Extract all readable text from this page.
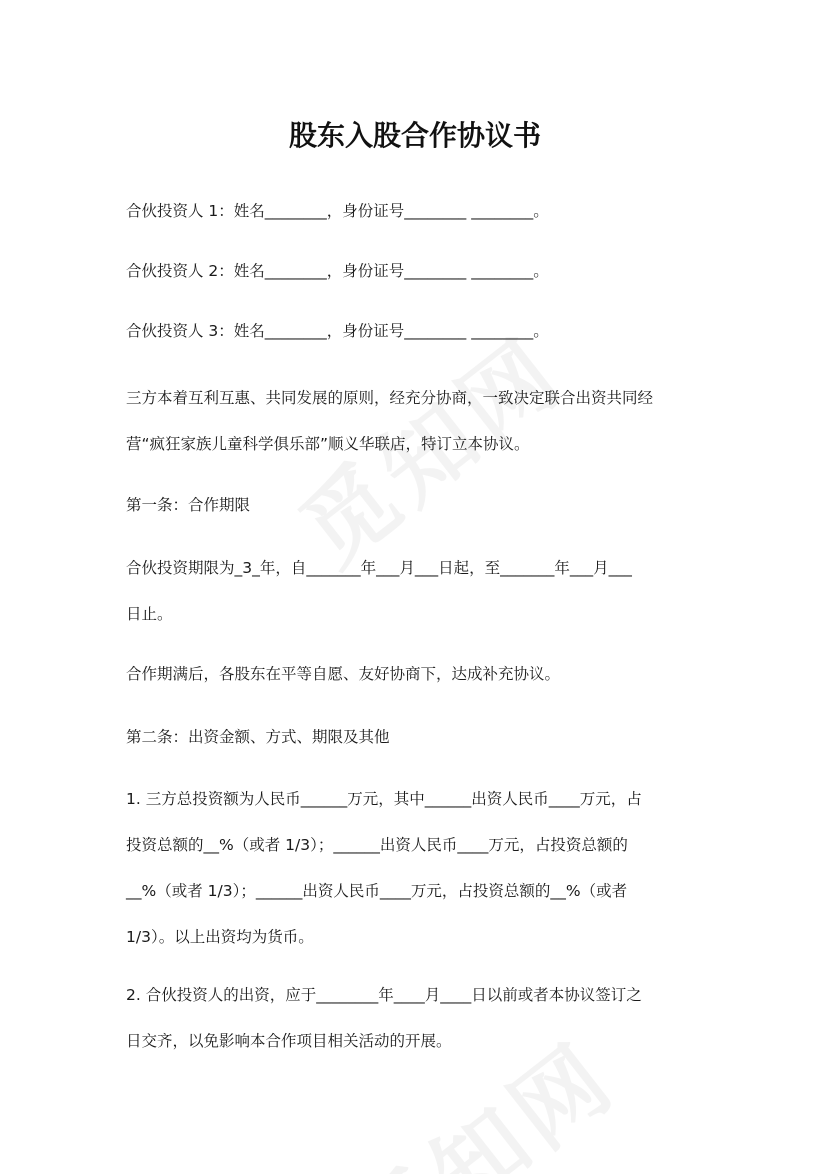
股东入股合作协议书

合伙投资人 1：姓名________，身份证号________ ________。

合伙投资人 2：姓名________，身份证号________ ________。

合伙投资人 3：姓名________，身份证号________ ________。

三方本着互利互惠、共同发展的原则，经充分协商，一致决定联合出资共同经
营“疯狂家族儿童科学俱乐部”顺义华联店，特订立本协议。

第一条：合作期限

合伙投资期限为_3_年，自_______年___月___日起，至_______年___月___
日止。

合作期满后，各股东在平等自愿、友好协商下，达成补充协议。

第二条：出资金额、方式、期限及其他

1. 三方总投资额为人民币______万元，其中______出资人民币____万元，占
投资总额的__%（或者 1/3）；______出资人民币____万元，占投资总额的
__%（或者 1/3）；______出资人民币____万元，占投资总额的__%（或者
1/3）。以上出资均为货币。

2. 合伙投资人的出资，应于________年____月____日以前或者本协议签订之
日交齐，以免影响本合作项目相关活动的开展。
